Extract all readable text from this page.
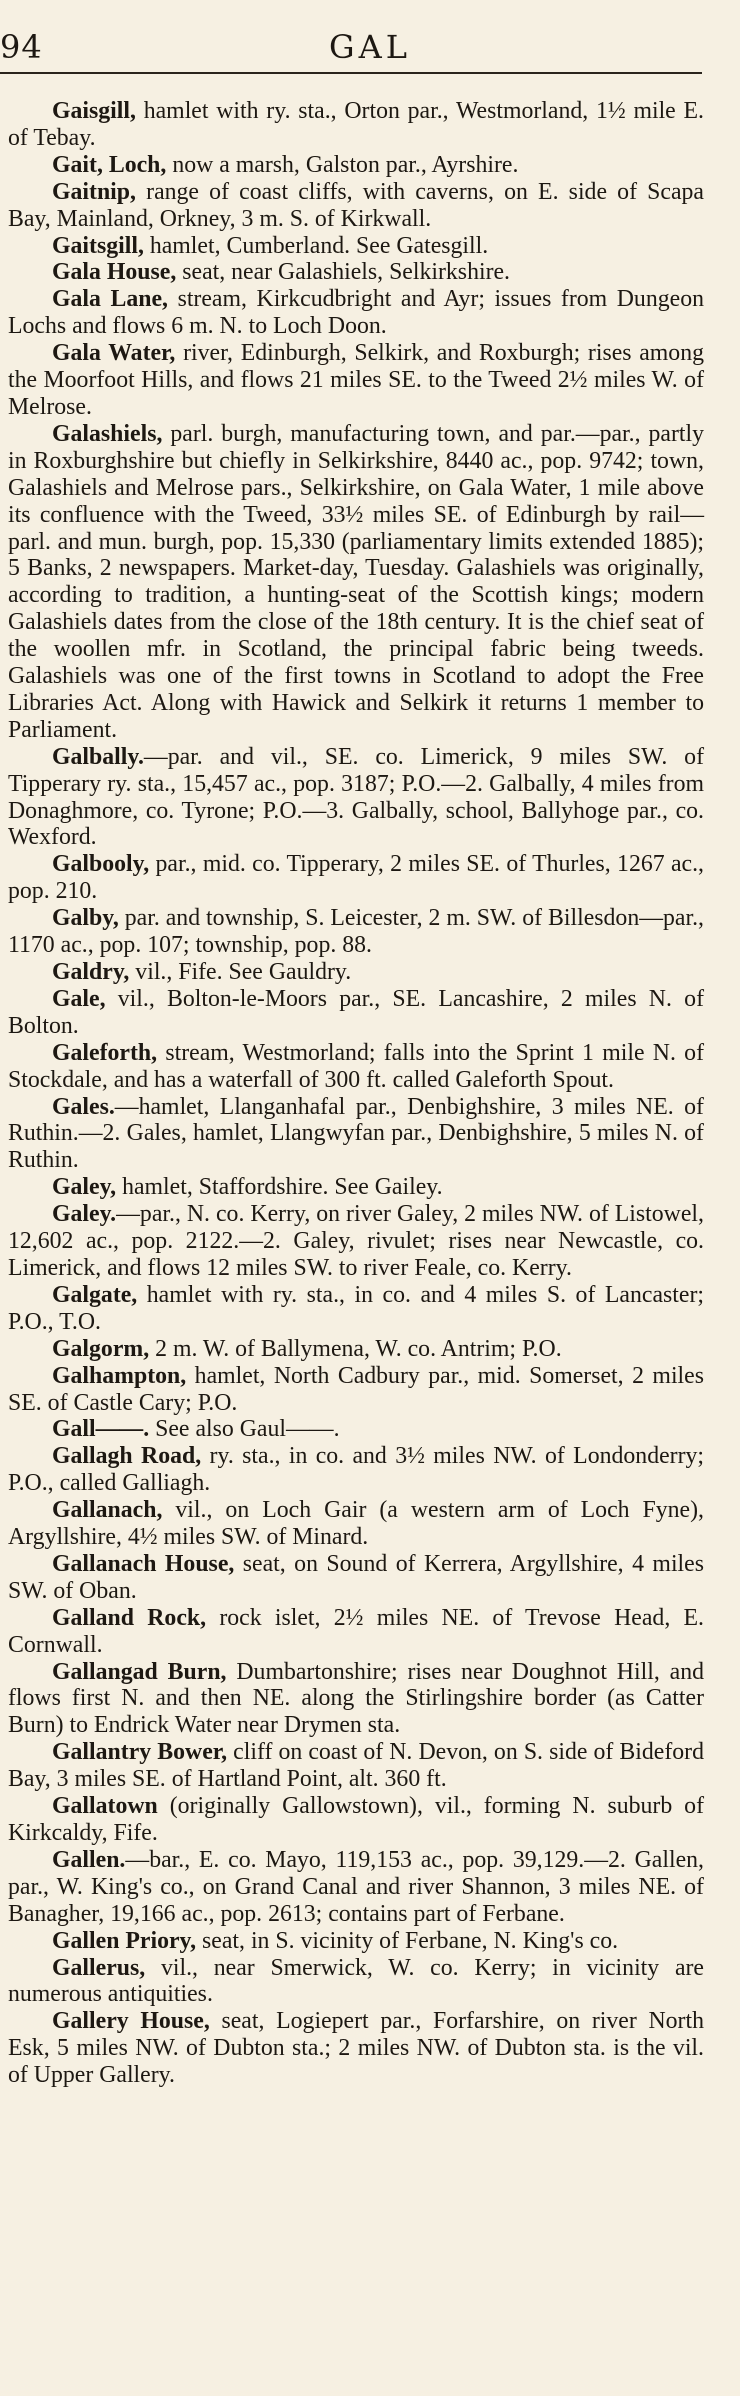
94	GAL

Gaisgill, hamlet with ry. sta., Orton par., Westmorland, 1½ mile E. of Tebay.

Gait, Loch, now a marsh, Galston par., Ayrshire.

Gaitnip, range of coast cliffs, with caverns, on E. side of Scapa Bay, Mainland, Orkney, 3 m. S. of Kirkwall.

Gaitsgill, hamlet, Cumberland. See Gatesgill.

Gala House, seat, near Galashiels, Selkirkshire.

Gala Lane, stream, Kirkcudbright and Ayr; issues from Dungeon Lochs and flows 6 m. N. to Loch Doon.

Gala Water, river, Edinburgh, Selkirk, and Roxburgh; rises among the Moorfoot Hills, and flows 21 miles SE. to the Tweed 2½ miles W. of Melrose.

Galashiels, parl. burgh, manufacturing town, and par.—par., partly in Roxburghshire but chiefly in Selkirkshire, 8440 ac., pop. 9742; town, Galashiels and Melrose pars., Selkirkshire, on Gala Water, 1 mile above its confluence with the Tweed, 33½ miles SE. of Edinburgh by rail—parl. and mun. burgh, pop. 15,330 (parliamentary limits extended 1885); 5 Banks, 2 newspapers. Market-day, Tuesday. Galashiels was originally, according to tradition, a hunting-seat of the Scottish kings; modern Galashiels dates from the close of the 18th century. It is the chief seat of the woollen mfr. in Scotland, the principal fabric being tweeds. Galashiels was one of the first towns in Scotland to adopt the Free Libraries Act. Along with Hawick and Selkirk it returns 1 member to Parliament.

Galbally.—par. and vil., SE. co. Limerick, 9 miles SW. of Tipperary ry. sta., 15,457 ac., pop. 3187; P.O.—2. Galbally, 4 miles from Donaghmore, co. Tyrone; P.O.—3. Galbally, school, Ballyhoge par., co. Wexford.

Galbooly, par., mid. co. Tipperary, 2 miles SE. of Thurles, 1267 ac., pop. 210.

Galby, par. and township, S. Leicester, 2 m. SW. of Billesdon—par., 1170 ac., pop. 107; township, pop. 88.

Galdry, vil., Fife. See Gauldry.

Gale, vil., Bolton-le-Moors par., SE. Lancashire, 2 miles N. of Bolton.

Galeforth, stream, Westmorland; falls into the Sprint 1 mile N. of Stockdale, and has a waterfall of 300 ft. called Galeforth Spout.

Gales.—hamlet, Llanganhafal par., Denbighshire, 3 miles NE. of Ruthin.—2. Gales, hamlet, Llangwyfan par., Denbighshire, 5 miles N. of Ruthin.

Galey, hamlet, Staffordshire. See Gailey.

Galey.—par., N. co. Kerry, on river Galey, 2 miles NW. of Listowel, 12,602 ac., pop. 2122.—2. Galey, rivulet; rises near Newcastle, co. Limerick, and flows 12 miles SW. to river Feale, co. Kerry.

Galgate, hamlet with ry. sta., in co. and 4 miles S. of Lancaster; P.O., T.O.

Galgorm, 2 m. W. of Ballymena, W. co. Antrim; P.O.

Galhampton, hamlet, North Cadbury par., mid. Somerset, 2 miles SE. of Castle Cary; P.O.

Gall——. See also Gaul——.

Gallagh Road, ry. sta., in co. and 3½ miles NW. of Londonderry; P.O., called Galliagh.

Gallanach, vil., on Loch Gair (a western arm of Loch Fyne), Argyllshire, 4½ miles SW. of Minard.

Gallanach House, seat, on Sound of Kerrera, Argyllshire, 4 miles SW. of Oban.

Galland Rock, rock islet, 2½ miles NE. of Trevose Head, E. Cornwall.

Gallangad Burn, Dumbartonshire; rises near Doughnot Hill, and flows first N. and then NE. along the Stirlingshire border (as Catter Burn) to Endrick Water near Drymen sta.

Gallantry Bower, cliff on coast of N. Devon, on S. side of Bideford Bay, 3 miles SE. of Hartland Point, alt. 360 ft.

Gallatown (originally Gallowstown), vil., forming N. suburb of Kirkcaldy, Fife.

Gallen.—bar., E. co. Mayo, 119,153 ac., pop. 39,129.—2. Gallen, par., W. King's co., on Grand Canal and river Shannon, 3 miles NE. of Banagher, 19,166 ac., pop. 2613; contains part of Ferbane.

Gallen Priory, seat, in S. vicinity of Ferbane, N. King's co.

Gallerus, vil., near Smerwick, W. co. Kerry; in vicinity are numerous antiquities.

Gallery House, seat, Logiepert par., Forfarshire, on river North Esk, 5 miles NW. of Dubton sta.; 2 miles NW. of Dubton sta. is the vil. of Upper Gallery.
